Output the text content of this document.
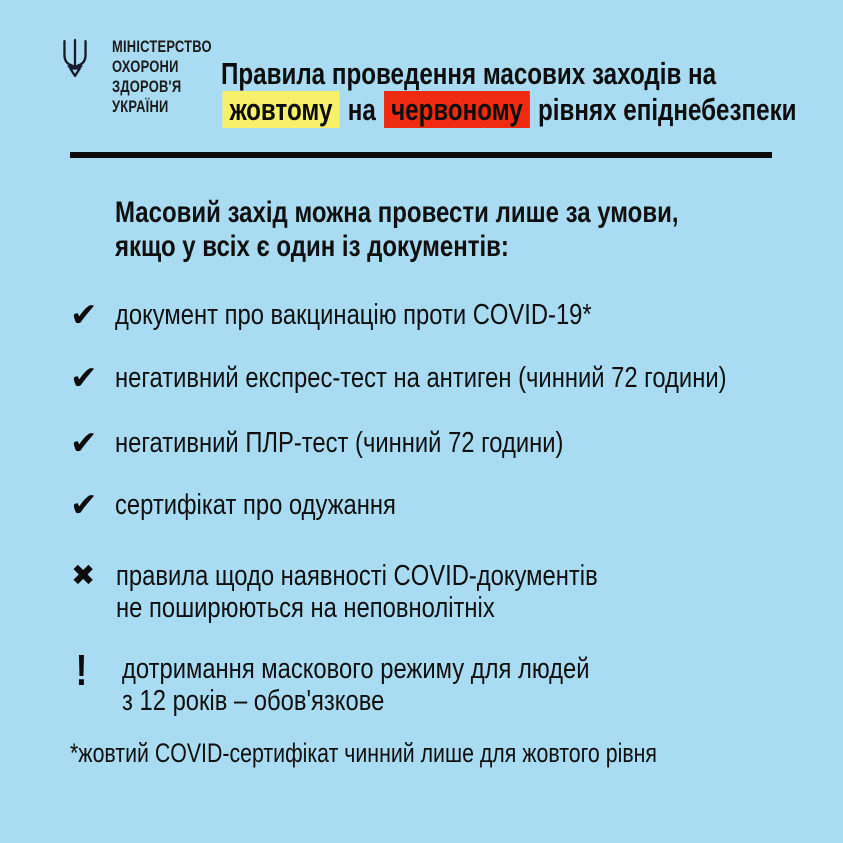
МІНІСТЕРСТВО
ОХОРОНИ
ЗДОРОВ'Я
УКРАЇНИ
Правила проведення масових заходів на
жовтому на червоному рівнях епіднебезпеки
Масовий захід можна провести лише за умови,
якщо у всіх є один із документів:
✔ документ про вакцинацію проти COVID-19*
✔ негативний експрес-тест на антиген (чинний 72 години)
✔ негативний ПЛР-тест (чинний 72 години)
✔ сертифікат про одужання
✖ правила щодо наявності COVID-документів
не поширюються на неповнолітніх
!	дотримання маскового режиму для людей
з 12 років – обов'язкове
*жовтий COVID-сертифікат чинний лише для жовтого рівня
